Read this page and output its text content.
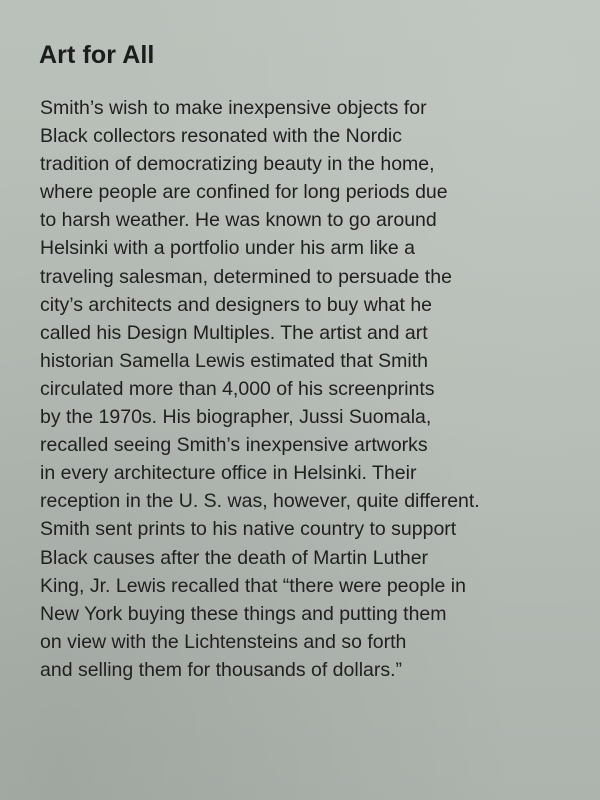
Art for All

Smith’s wish to make inexpensive objects for
Black collectors resonated with the Nordic
tradition of democratizing beauty in the home,
where people are confined for long periods due
to harsh weather. He was known to go around
Helsinki with a portfolio under his arm like a
traveling salesman, determined to persuade the
city’s architects and designers to buy what he
called his Design Multiples. The artist and art
historian Samella Lewis estimated that Smith
circulated more than 4,000 of his screenprints
by the 1970s. His biographer, Jussi Suomala,
recalled seeing Smith’s inexpensive artworks
in every architecture office in Helsinki. Their
reception in the U. S. was, however, quite different.
Smith sent prints to his native country to support
Black causes after the death of Martin Luther
King, Jr. Lewis recalled that “there were people in
New York buying these things and putting them
on view with the Lichtensteins and so forth
and selling them for thousands of dollars.”
